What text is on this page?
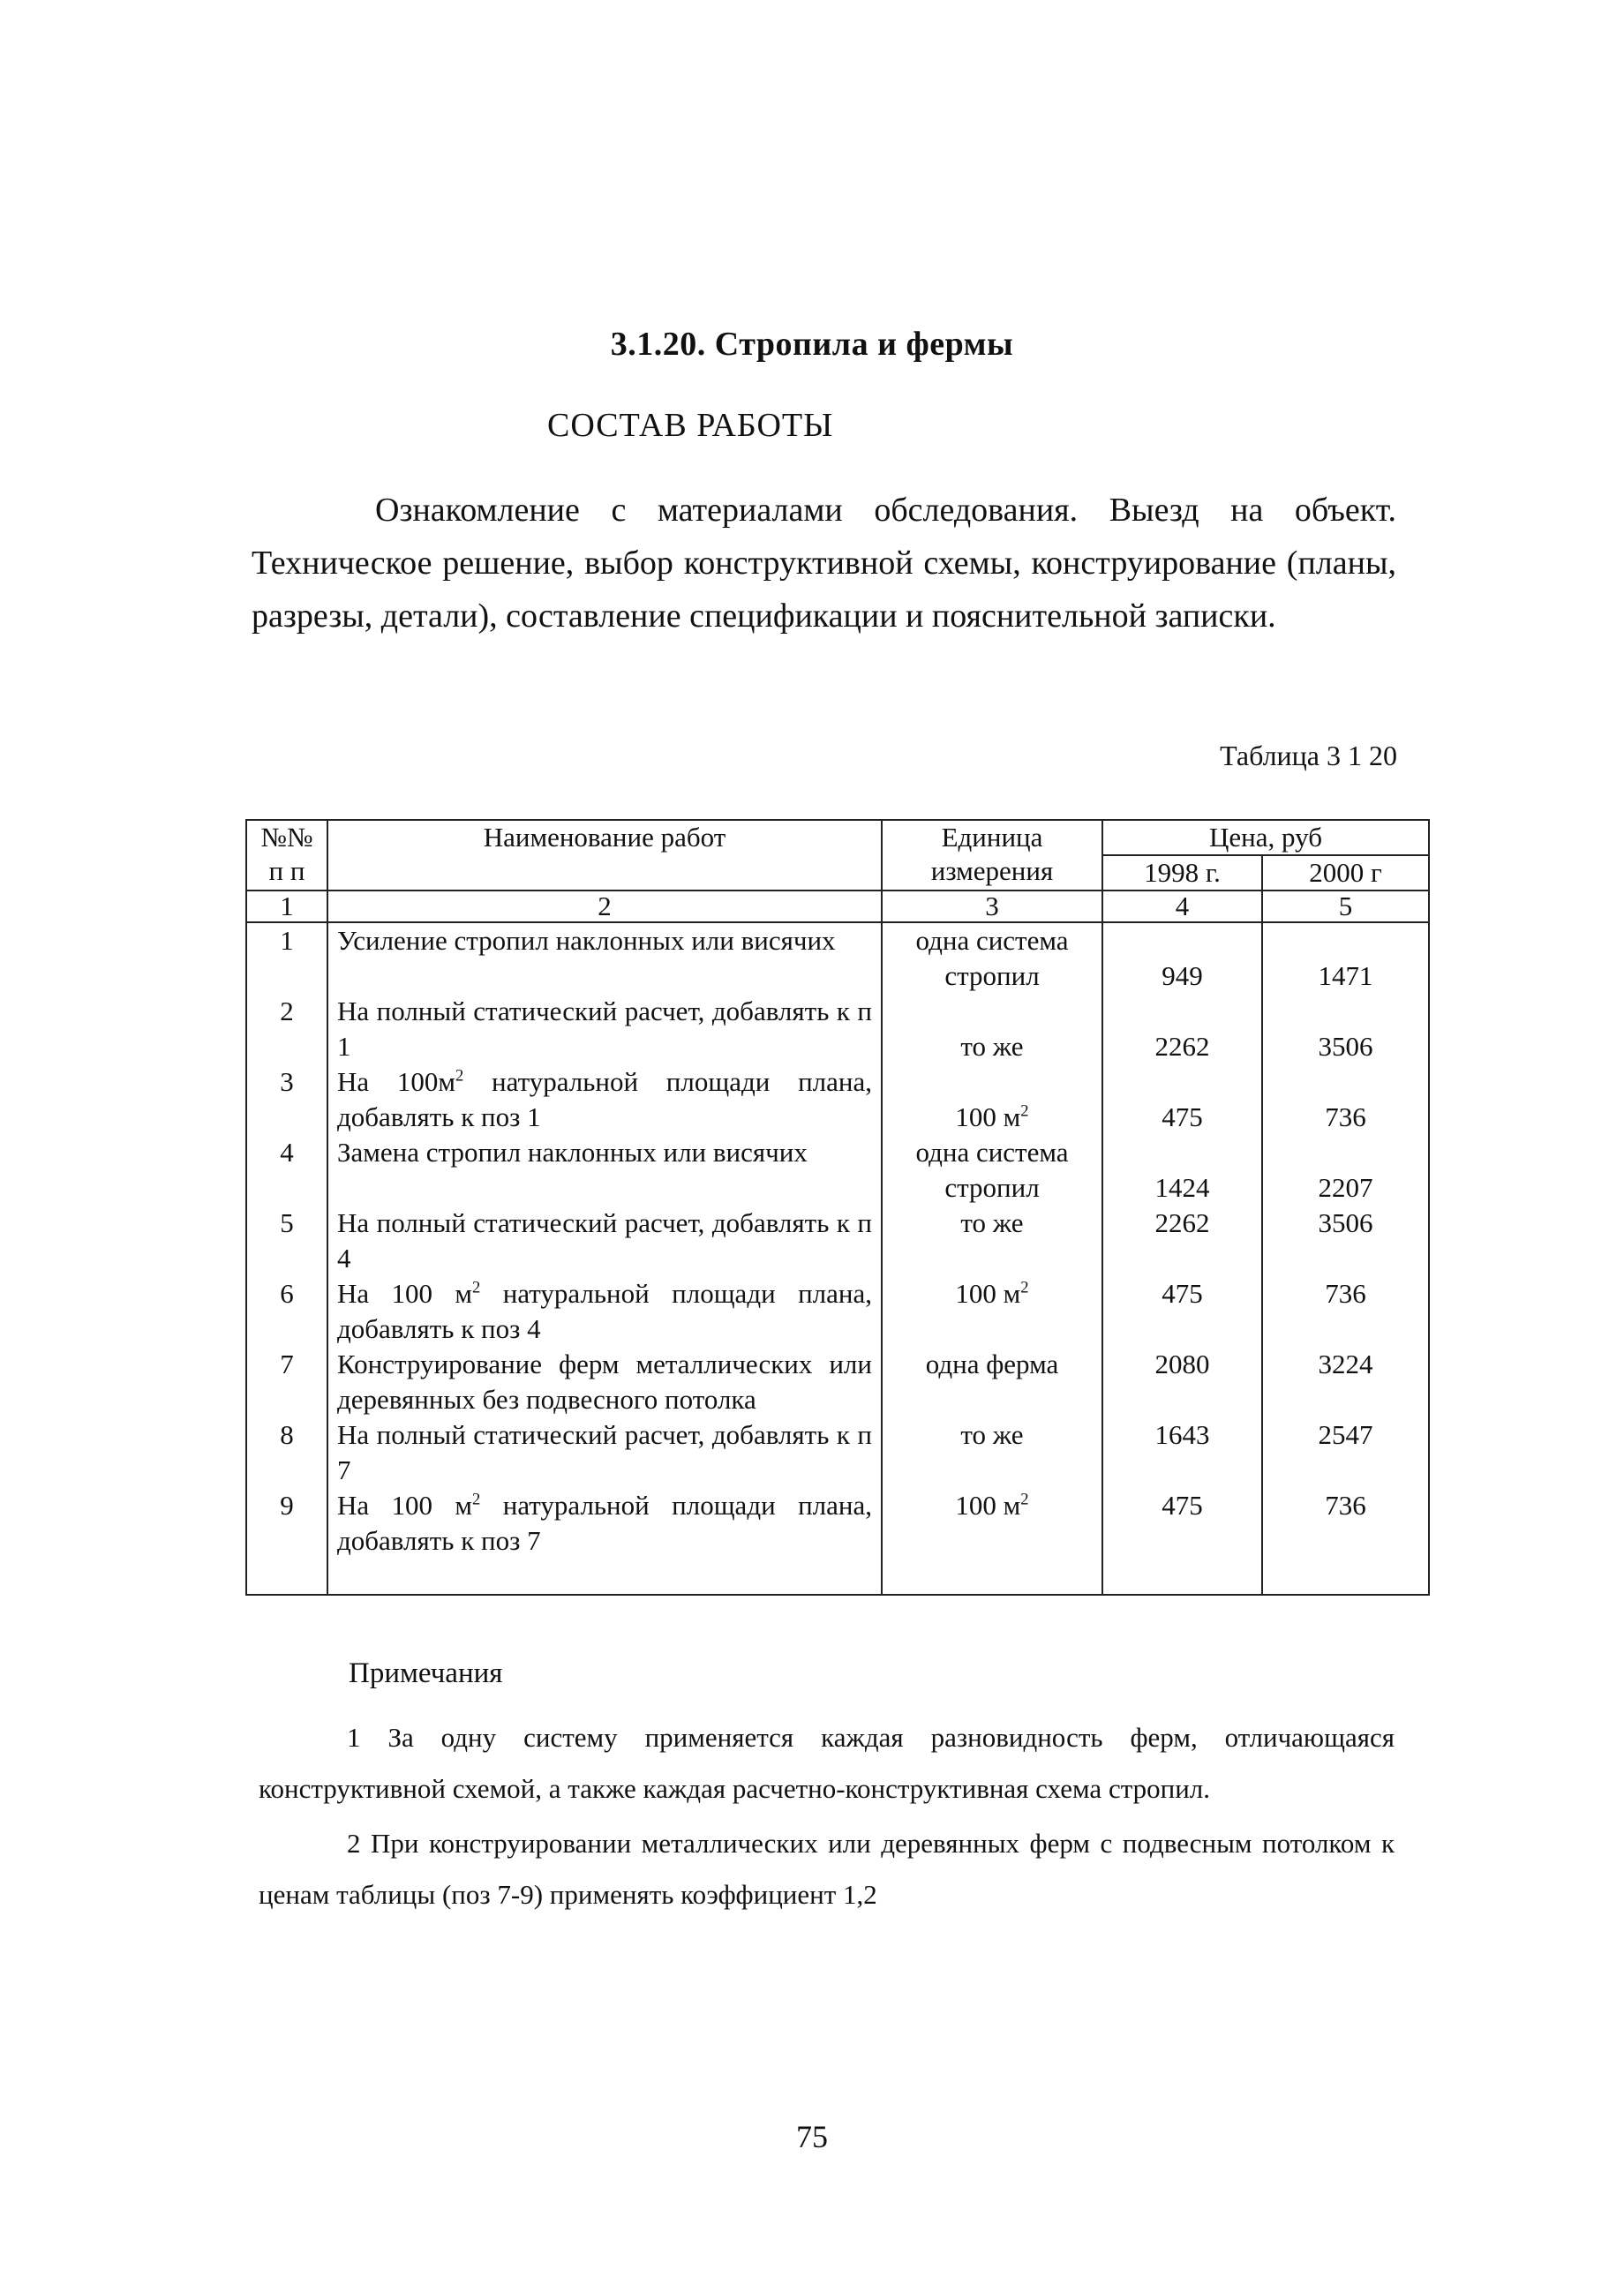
3.1.20. Стропила и фермы
СОСТАВ РАБОТЫ
Ознакомление с материалами обследования. Выезд на объект. Техническое решение, выбор конструктивной схемы, конструирование (планы, разрезы, детали), составление спецификации и пояснительной записки.
Таблица 3 1 20
№№ п п	Наименование работ	Единица измерения	Цена, руб	
			1998 г.	2000 г
1	2	3	4	5
1	Усиление стропил наклонных или висячих	одна система стропил	949	1471
2	На полный статический расчет, добавлять к п 1	то же	2262	3506
3	На $100м^2$ натуральной площади плана, добавлять к поз 1	100 $м^2$	475	736
4	Замена стропил наклонных или висячих	одна система стропил	1424	2207
5	На полный статический расчет, добавлять к п 4	то же	2262	3506
6	На 100 $м^2$ натуральной площади плана, добавлять к поз 4	100 $м^2$	475	736
7	Конструирование ферм металлических или деревянных без подвесного потолка	одна ферма	2080	3224
8	На полный статический расчет, добавлять к п 7	то же	1643	2547
9	На 100 $м^2$ натуральной площади плана, добавлять к поз 7	100 $м^2$	475	736

Примечания
1 За одну систему применяется каждая разновидность ферм, отличающаяся конструктивной схемой, а также каждая расчетно-конструктивная схема стропил.
2 При конструировании металлических или деревянных ферм с подвесным потолком к ценам таблицы (поз 7-9) применять коэффициент 1,2
75
